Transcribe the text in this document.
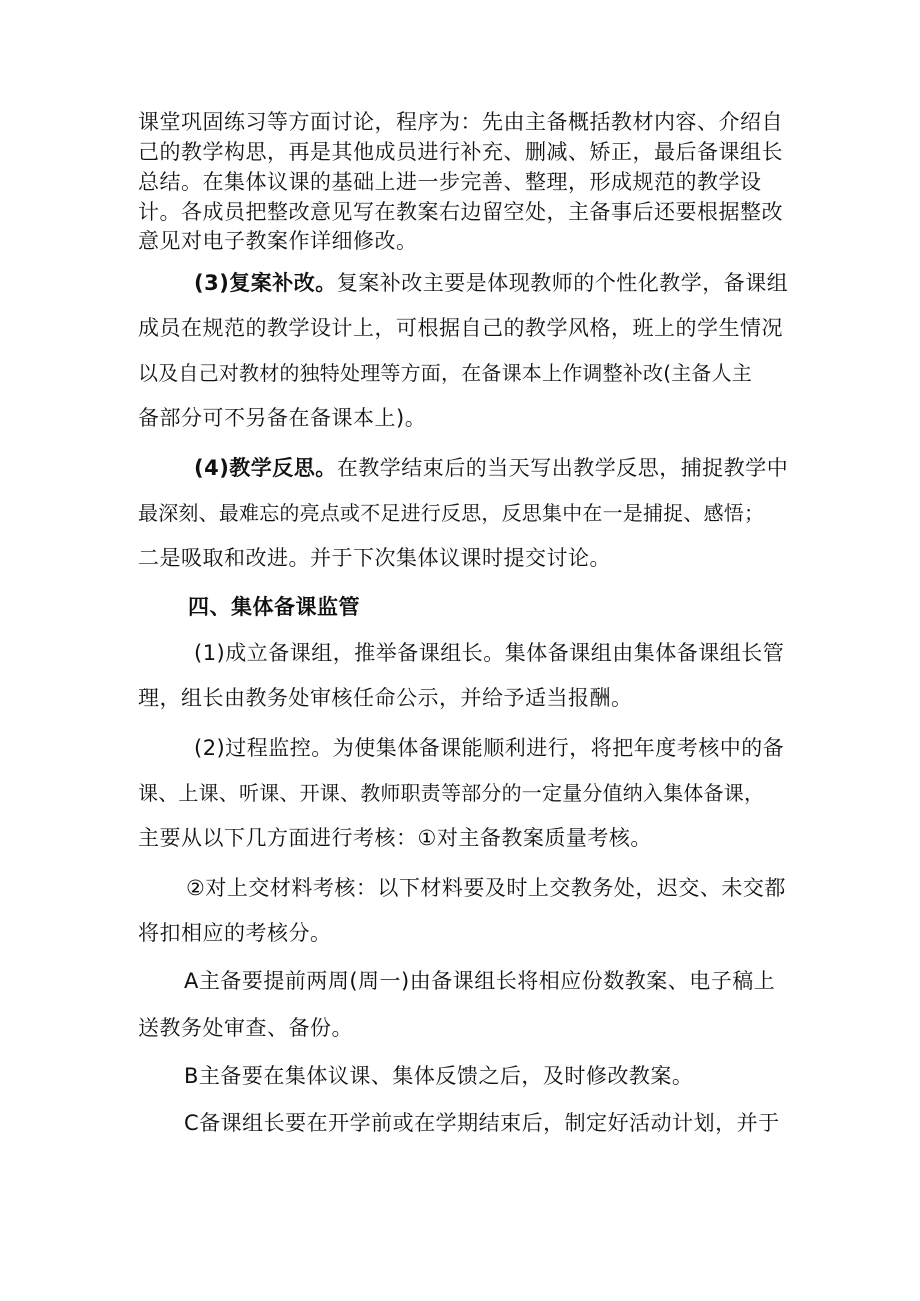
课堂巩固练习等方面讨论，程序为：先由主备概括教材内容、介绍自

己的教学构思，再是其他成员进行补充、删减、矫正，最后备课组长

总结。在集体议课的基础上进一步完善、整理，形成规范的教学设

计。各成员把整改意见写在教案右边留空处，主备事后还要根据整改

意见对电子教案作详细修改。

(3)复案补改。复案补改主要是体现教师的个性化教学，备课组

成员在规范的教学设计上，可根据自己的教学风格，班上的学生情况

以及自己对教材的独特处理等方面，在备课本上作调整补改(主备人主

备部分可不另备在备课本上)。

(4)教学反思。在教学结束后的当天写出教学反思，捕捉教学中

最深刻、最难忘的亮点或不足进行反思，反思集中在一是捕捉、感悟；

二是吸取和改进。并于下次集体议课时提交讨论。

四、集体备课监管

(1)成立备课组，推举备课组长。集体备课组由集体备课组长管

理，组长由教务处审核任命公示，并给予适当报酬。

(2)过程监控。为使集体备课能顺利进行，将把年度考核中的备

课、上课、听课、开课、教师职责等部分的一定量分值纳入集体备课，

主要从以下几方面进行考核：①对主备教案质量考核。

②对上交材料考核：以下材料要及时上交教务处，迟交、未交都

将扣相应的考核分。

A主备要提前两周(周一)由备课组长将相应份数教案、电子稿上

送教务处审查、备份。

B主备要在集体议课、集体反馈之后，及时修改教案。

C备课组长要在开学前或在学期结束后，制定好活动计划，并于
